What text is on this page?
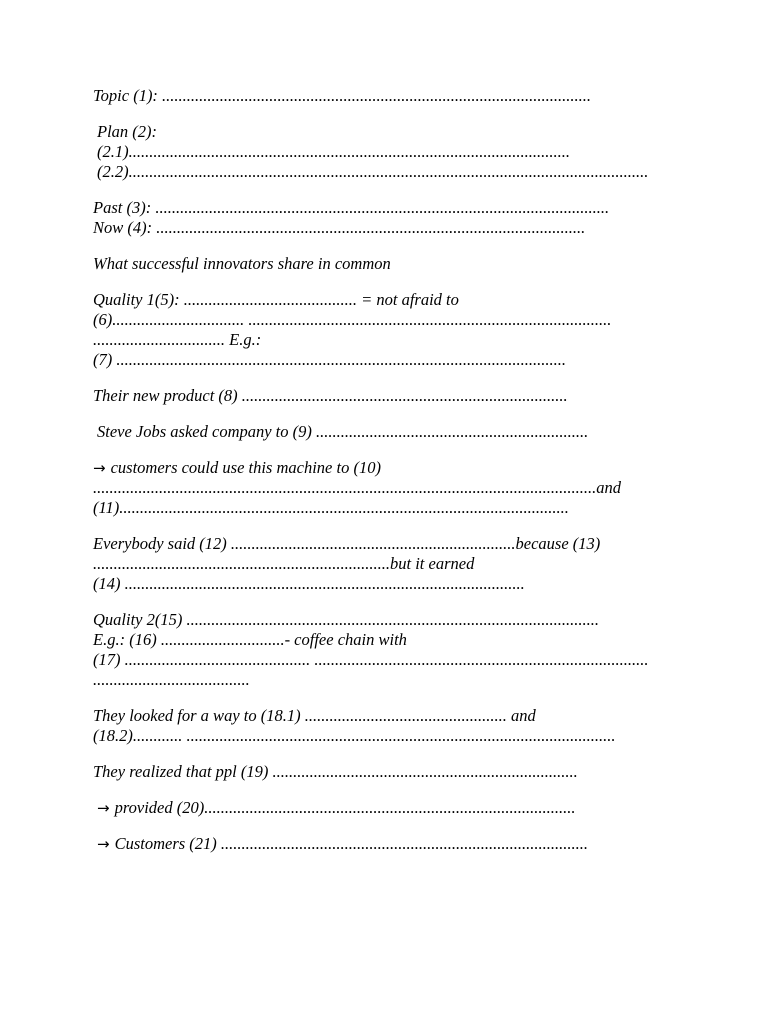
Topic (1): ........................................................................................................
Plan (2):
(2.1)...........................................................................................................
(2.2)..............................................................................................................................
Past (3): ..............................................................................................................
Now (4): ........................................................................................................
What successful innovators share in common
Quality 1(5): .......................................... = not afraid to
(6)................................ ........................................................................................
................................ E.g.:
(7) .............................................................................................................
Their new product (8) ...............................................................................
Steve Jobs asked company to (9) ..................................................................
→ customers could use this machine to (10)
..........................................................................................................................and
(11).............................................................................................................
Everybody said (12) .....................................................................because (13)
........................................................................but it earned
(14) .................................................................................................
Quality 2(15) ....................................................................................................
E.g.: (16) ..............................- coffee chain with
(17) ............................................. .................................................................................
......................................
They looked for a way to (18.1) ................................................. and
(18.2)............ ........................................................................................................
They realized that ppl (19) ..........................................................................
→ provided (20)..........................................................................................
→ Customers (21) .........................................................................................
